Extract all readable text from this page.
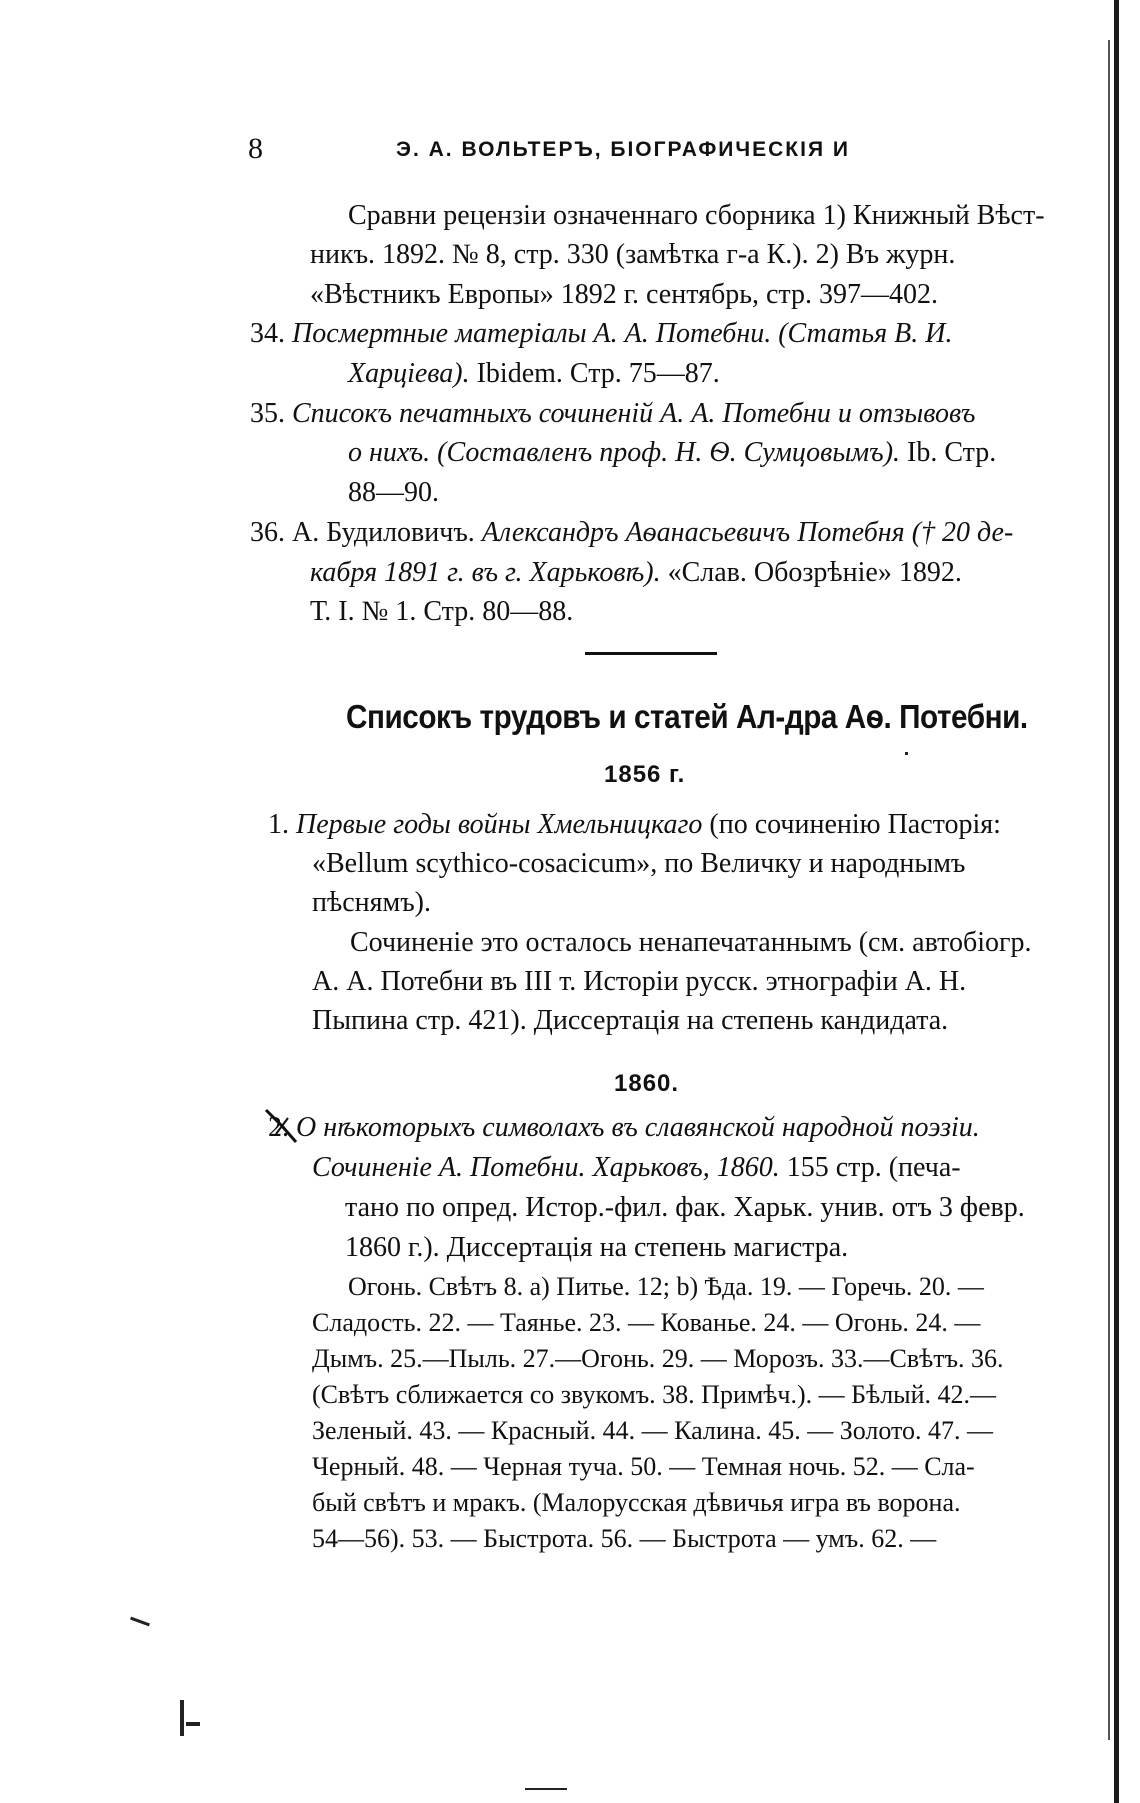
8	Э. А. ВОЛЬТЕРЪ, БІОГРАФИЧЕСКІЯ И
Сравни рецензіи означеннаго сборника 1) Книжный Вѣст-
никъ. 1892. № 8, стр. 330 (замѣтка г-а К.). 2) Въ журн.
«Вѣстникъ Европы» 1892 г. сентябрь, стр. 397—402.
34. Посмертные матеріалы А. А. Потебни. (Статья В. И.
Харціева). Ibidem. Стр. 75—87.
35. Списокъ печатныхъ сочиненій А. А. Потебни и отзывовъ
о нихъ. (Составленъ проф. Н. Ѳ. Сумцовымъ). Ib. Стр.
88—90.
36. А. Будиловичъ. Александръ Аѳанасьевичъ Потебня († 20 де-
кабря 1891 г. въ г. Харьковѣ). «Слав. Обозрѣніе» 1892.
Т. I. № 1. Стр. 80—88.
Списокъ трудовъ и статей Ал-дра Аѳ. Потебни.
1856 г.
1. Первые годы войны Хмельницкаго (по сочиненію Пасторія:
«Bellum scythico-cosacicum», по Величку и народнымъ
пѣснямъ).
Сочиненіе это осталось ненапечатаннымъ (см. автобіогр.
А. А. Потебни въ III т. Исторіи русск. этнографіи А. Н.
Пыпина стр. 421). Диссертація на степень кандидата.
1860.
2. О нѣкоторыхъ символахъ въ славянской народной поэзіи.
Сочиненіе А. Потебни. Харьковъ, 1860. 155 стр. (печа-
тано по опред. Истор.-фил. фак. Харьк. унив. отъ 3 февр.
1860 г.). Диссертація на степень магистра.
Огонь. Свѣтъ 8. а) Питье. 12; b) Ѣда. 19. — Горечь. 20. —
Сладость. 22. — Таянье. 23. — Кованье. 24. — Огонь. 24. —
Дымъ. 25.—Пыль. 27.—Огонь. 29. — Морозъ. 33.—Свѣтъ. 36.
(Свѣтъ сближается со звукомъ. 38. Примѣч.). — Бѣлый. 42.—
Зеленый. 43. — Красный. 44. — Калина. 45. — Золото. 47. —
Черный. 48. — Черная туча. 50. — Темная ночь. 52. — Сла-
бый свѣтъ и мракъ. (Малорусская дѣвичья игра въ ворона.
54—56). 53. — Быстрота. 56. — Быстрота — умъ. 62. —
